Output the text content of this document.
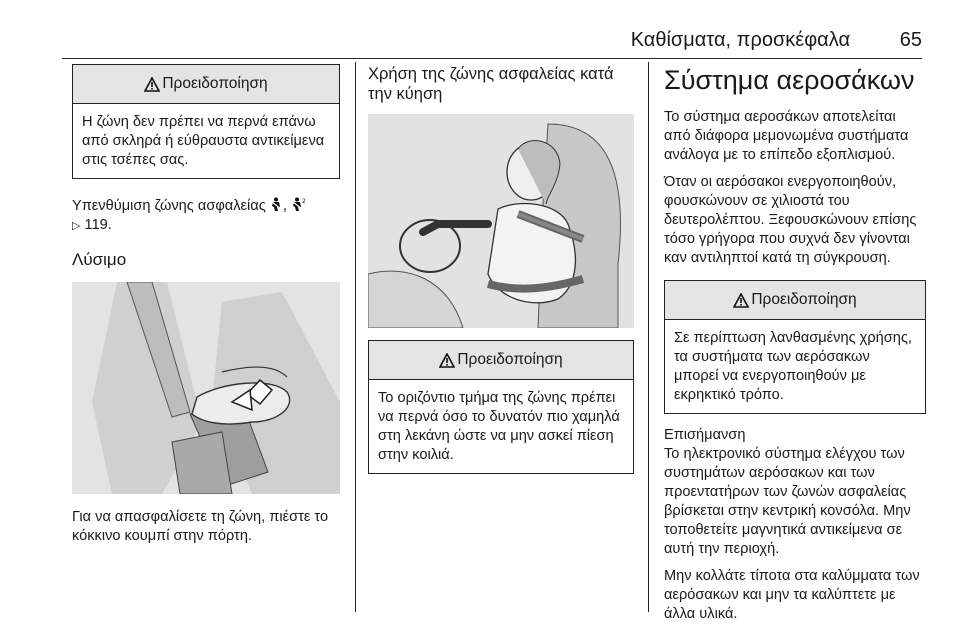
Καθίσματα, προσκέφαλα 65
Προειδοποίηση
Η ζώνη δεν πρέπει να περνά επάνω από σκληρά ή εύθραυστα αντικείμενα στις τσέπες σας.

Υπενθύμιση ζώνης ασφαλείας ,	2

▷ 119.

Λύσιμο

Για να απασφαλίσετε τη ζώνη, πιέστε το κόκκινο κουμπί στην πόρτη.

Χρήση της ζώνης ασφαλείας κατά την κύηση
Προειδοποίηση
Το οριζόντιο τμήμα της ζώνης πρέπει να περνά όσο το δυνατόν πιο χαμηλά στη λεκάνη ώστε να μην ασκεί πίεση στην κοιλιά.
Σύστημα αεροσάκων

Το σύστημα αεροσάκων αποτελείται από διάφορα μεμονωμένα συστήματα ανάλογα με το επίπεδο εξοπλισμού.

Όταν οι αερόσακοι ενεργοποιηθούν, φουσκώνουν σε χιλιοστά του δευτερολέπτου. Ξεφουσκώνουν επίσης τόσο γρήγορα που συχνά δεν γίνονται καν αντιληπτοί κατά τη σύγκρουση.

Προειδοποίηση
Σε περίπτωση λανθασμένης χρήσης, τα συστήματα των αερόσακων μπορεί να ενεργοποιηθούν με εκρηκτικό τρόπο.
Επισήμανση

Το ηλεκτρονικό σύστημα ελέγχου των συστημάτων αερόσακων και των προεντατήρων των ζωνών ασφαλείας βρίσκεται στην κεντρική κονσόλα. Μην τοποθετείτε μαγνητικά αντικείμενα σε αυτή την περιοχή.

Μην κολλάτε τίποτα στα καλύμματα των αερόσακων και μην τα καλύπτετε με άλλα υλικά.
